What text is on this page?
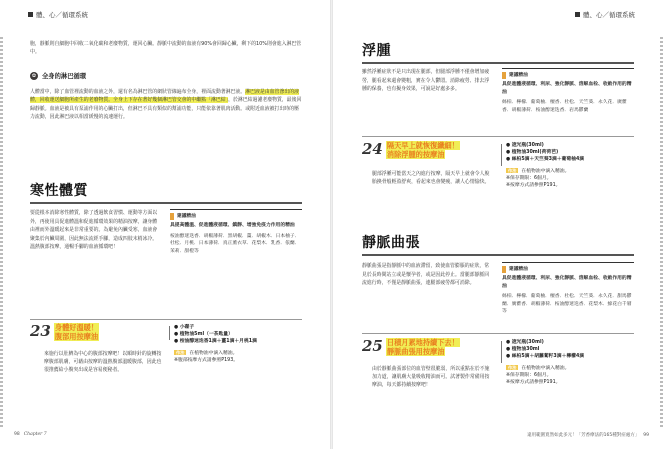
體、心／循環系統
胞，靜脈則自細胞中回收二氧化碳和老廢物質，運回心臟。靜脈中流動的血液有90%會回歸心臟，剩下的10%則會進入淋巴管中。
✿ 全身的淋巴循環
人體當中，除了血管裡流動的血液之外，還有名為淋巴管的網狀管線遍布全身，裡面流動著淋巴液。淋巴液是由血管滲出的液體，回收運送細胞所產生的老廢物質。全身上下存在著好幾個淋巴管交會的中繼點「淋巴結」，於淋巴結過濾老廢物質，最後回歸靜脈。血液是被具有泵浦作用的心臟打出，但淋巴不具有類似的幫浦功能，只能依靠著肌肉活動。或附近血液被打出時的壓力流動，因此淋巴液以相當緩慢的流速運行。
寒性體質
要從根本消除寒性體質，除了透過飲食習慣、運動等方面以外，再使用具促進體溫和促進循環效果的精油按摩，讓身體由裡而外溫暖起來是非常重要的。為避免內臟受寒，血液會聚集於內臟周圍，因此無法流經手腳，造成四肢末梢冰冷。溫熱腹部按摩，通暢手腳的血液循環吧！
建議精油
具提高體溫、促進體液循環、鎮靜、增強免疫力作用的精油
桉油醇迷迭香．胡椒薄荷．黑胡椒．薑．胡椒木．日本柚子．杜松．月桃．日本薄荷．真正薰衣草．花梨木．乳香．依蘭．茉莉．甜橙等
23 身體好溫暖！
腹部用按摩油
來施行以肚臍為中心的腹部按摩吧！以順時針的旋轉按摩腹部肌膚，可藉由按摩的溫熱腹部溫暖腹部，因此也很推薦給小腹突出或是容易便秘者。
● 小碟子
● 植物油5ml（一茶匙量）
● 桉油醇迷迭香1滴＋薑1滴＋月桃1滴
作法 在植物油中滴入精油。
※腹部按摩方式請參照P193。
98 Chapter 7
體、心／循環系統
浮腫
雖然浮腫症狀不是只出現在腿部，但腿部浮腫不僅會增加疲勞，腿看起來還會變粗，實在令人鬱悶。消除疲勞、排去浮腫的保養，也有擬身效果，可說是好處多多。
建議精油
具促進體液循環、利尿、強化靜脈、溶解血栓、收斂作用的精油
絲柏．檸檬．葡萄柚．檀香．杜松．天竺葵．永久花．廣藿香．胡椒薄荷．桉油醇迷迭香．岩馬鬱蘭
24 隔天早上就恢復纖細！
消除浮腫的按摩油
腿部浮腫可能當天之內進行按摩，隔天早上就會令人脫胎換骨般輕盈舒爽，看起來也會變瘦，讓人心情愉快。
● 遮光瓶(30ml)
● 植物油30ml(荷荷芭)
● 絲柏5滴＋天竺葵3滴＋葡萄柚4滴
作法 在植物油中滴入精油。
※保存期限：6個月。
※按摩方式請參照P191。
靜脈曲張
靜脈曲張是指靜脈中的血液滯留，致使血管膨脹的症狀，常見於長時間站立或是懷孕者，或是因此停止。當腿部靜脈回流進行時，不僅是靜脈曲張，連腿部疲勞都可消除。
建議精油
具促進體液循環、利尿、強化靜脈、溶解血栓、收斂作用的精油
絲柏．檸檬．葡萄柚．檀香．杜松．天竺葵．永久花．甜馬鬱蘭．廣藿香．胡椒薄荷．桉油醇迷迭香．花梨木．綠花白千層等
25 日積月累地持續下去！
靜脈曲張用按摩油
由於靜脈曲張部位的血管壁很脆弱，所以重點在於不施加力道，讓肌膚大量吸收精油而可。試著製作常備用按摩油，每天都持續按摩吧！
● 遮光瓶(30ml)
● 植物油30ml
● 絲柏5滴＋胡蘿蔔籽3滴＋檸檬4滴
作法 在植物油中滴入精油。
※保存期限：6個月。
※按摩方式請參照P191。
遠用範圍寬然如此多元！「芳香療法的165種對症處方」 99
